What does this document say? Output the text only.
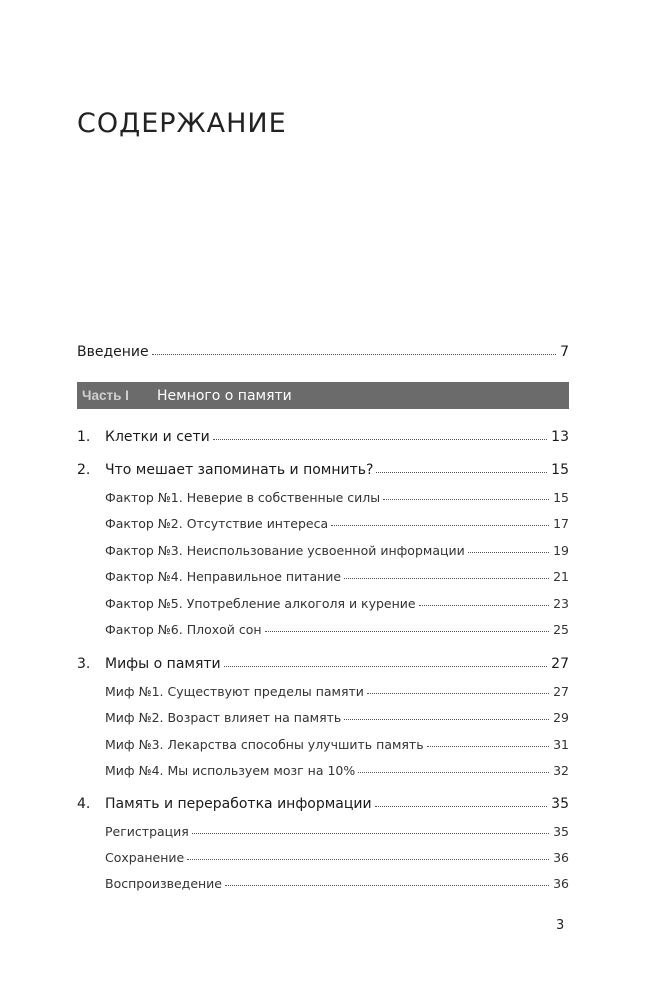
СОДЕРЖАНИЕ
Введение	7
Часть I	Немного о памяти
1.	Клетки и сети	13
2.	Что мешает запоминать и помнить?	15
Фактор №1. Неверие в собственные силы	15
Фактор №2. Отсутствие интереса	17
Фактор №3. Неиспользование усвоенной информации	19
Фактор №4. Неправильное питание	21
Фактор №5. Употребление алкоголя и курение	23
Фактор №6. Плохой сон	25
3.	Мифы о памяти	27
Миф №1. Существуют пределы памяти	27
Миф №2. Возраст влияет на память	29
Миф №3. Лекарства способны улучшить память	31
Миф №4. Мы используем мозг на 10%	32
4.	Память и переработка информации	35
Регистрация	35
Сохранение	36
Воспроизведение	36
3
